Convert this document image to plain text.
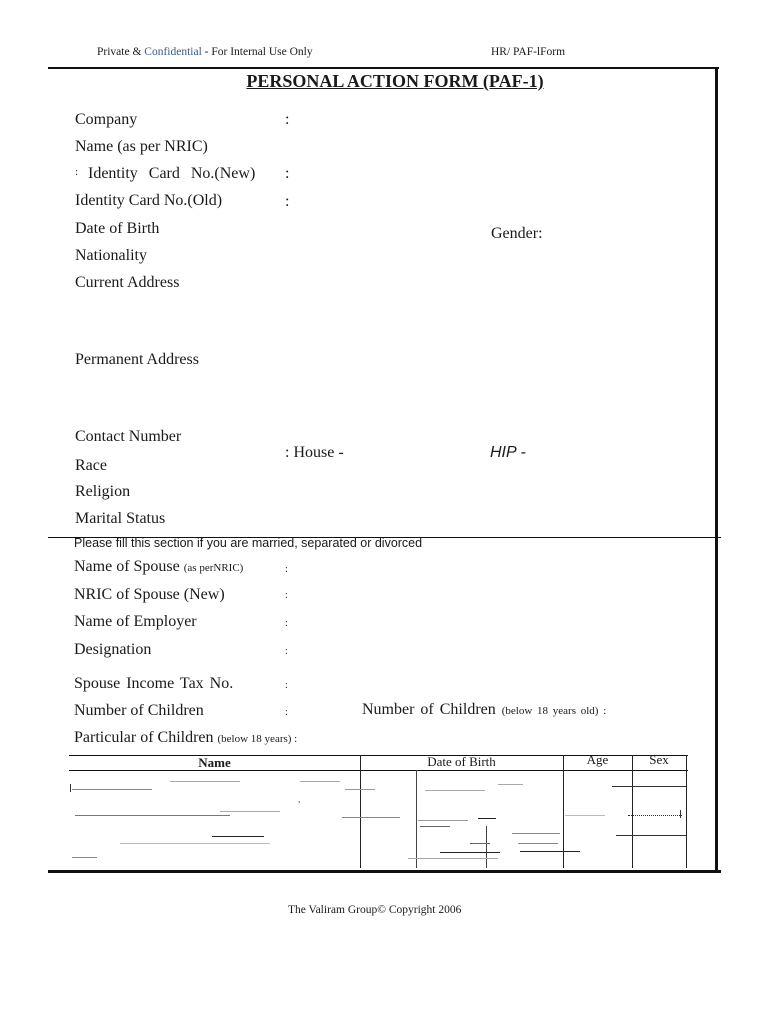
Private & Confidential - For Internal Use Only	HR/ PAF-lForm
PERSONAL ACTION FORM (PAF-1)
Company	:
Name (as per NRIC)
: Identity Card No.(New) :
Identity Card No.(Old)	:
Date of Birth	Gender:
Nationality
Current Address
Permanent Address
Contact Number
: House -	HIP -
Race
Religion
Marital Status
Please fill this section if you are married, separated or divorced
Name of Spouse (as perNRIC)	:
NRIC of Spouse (New)	:
Name of Employer	:
Designation	:
Spouse Income Tax No.	:
Number of Children	:	Number of Children (below 18 years old) :
Particular of Children (below 18 years) :
Name	Date of Birth	Age	Sex
,
The Valiram Group© Copyright 2006
